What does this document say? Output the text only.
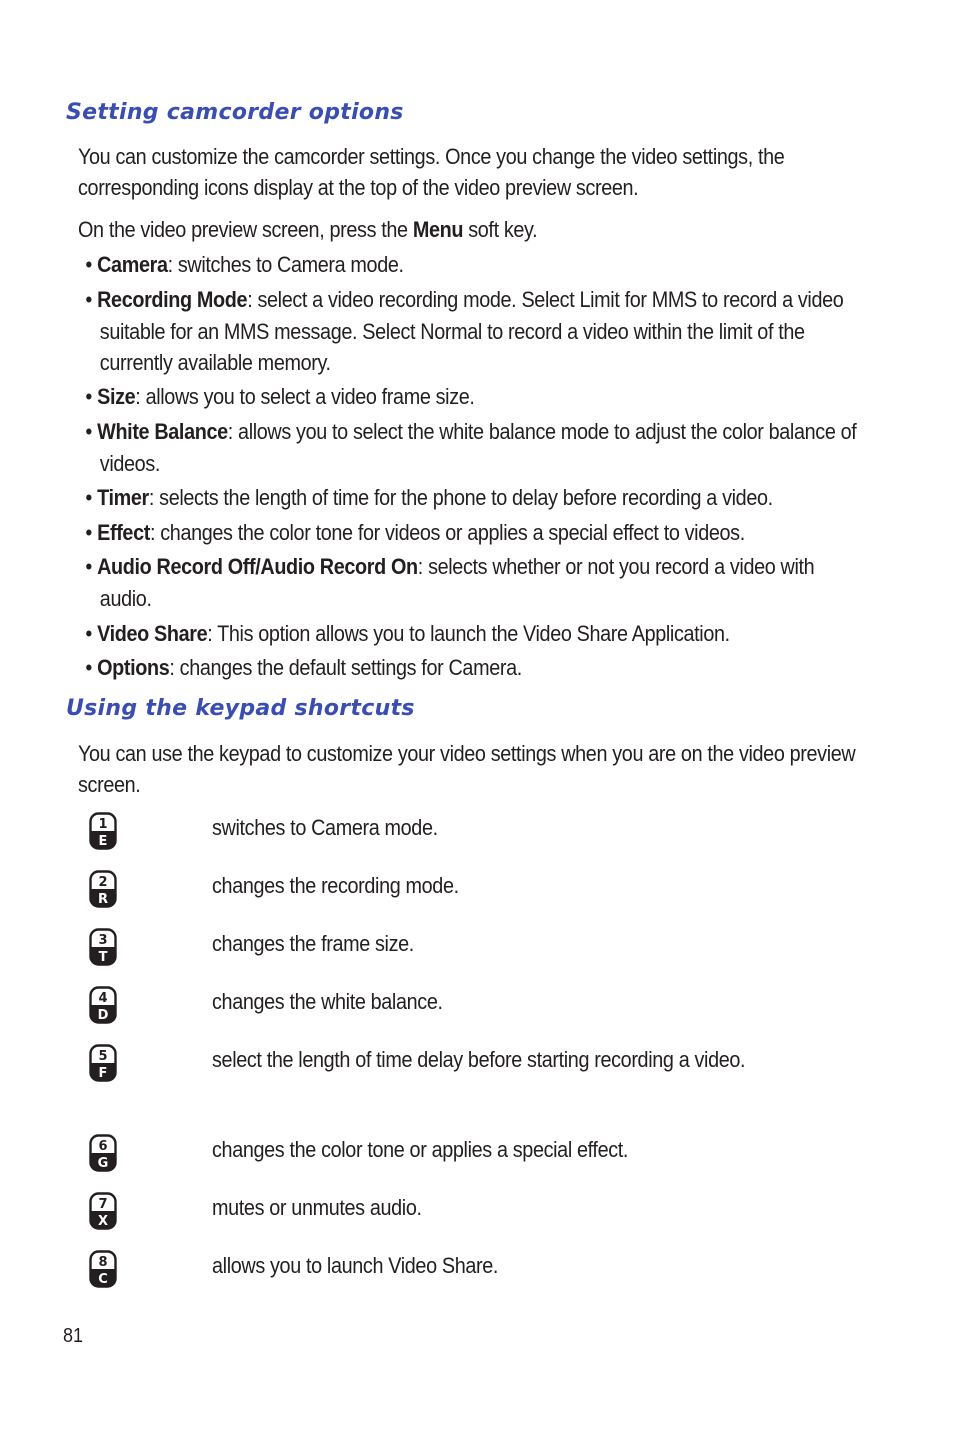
Setting camcorder options

You can customize the camcorder settings. Once you change the video settings, the corresponding icons display at the top of the video preview screen.

On the video preview screen, press the Menu soft key.

• Camera: switches to Camera mode.
• Recording Mode: select a video recording mode. Select Limit for MMS to record a video suitable for an MMS message. Select Normal to record a video within the limit of the currently available memory.
• Size: allows you to select a video frame size.
• White Balance: allows you to select the white balance mode to adjust the color balance of videos.
• Timer: selects the length of time for the phone to delay before recording a video.
• Effect: changes the color tone for videos or applies a special effect to videos.
• Audio Record Off/Audio Record On: selects whether or not you record a video with audio.
• Video Share: This option allows you to launch the Video Share Application.
• Options: changes the default settings for Camera.
Using the keypad shortcuts

You can use the keypad to customize your video settings when you are on the video preview screen.

1
E
switches to Camera mode.
2
R
changes the recording mode.
3
T
changes the frame size.
4
D
changes the white balance.
5
F
select the length of time delay before starting recording a video.
6
G
changes the color tone or applies a special effect.
7
X
mutes or unmutes audio.
8
C
allows you to launch Video Share.
81
